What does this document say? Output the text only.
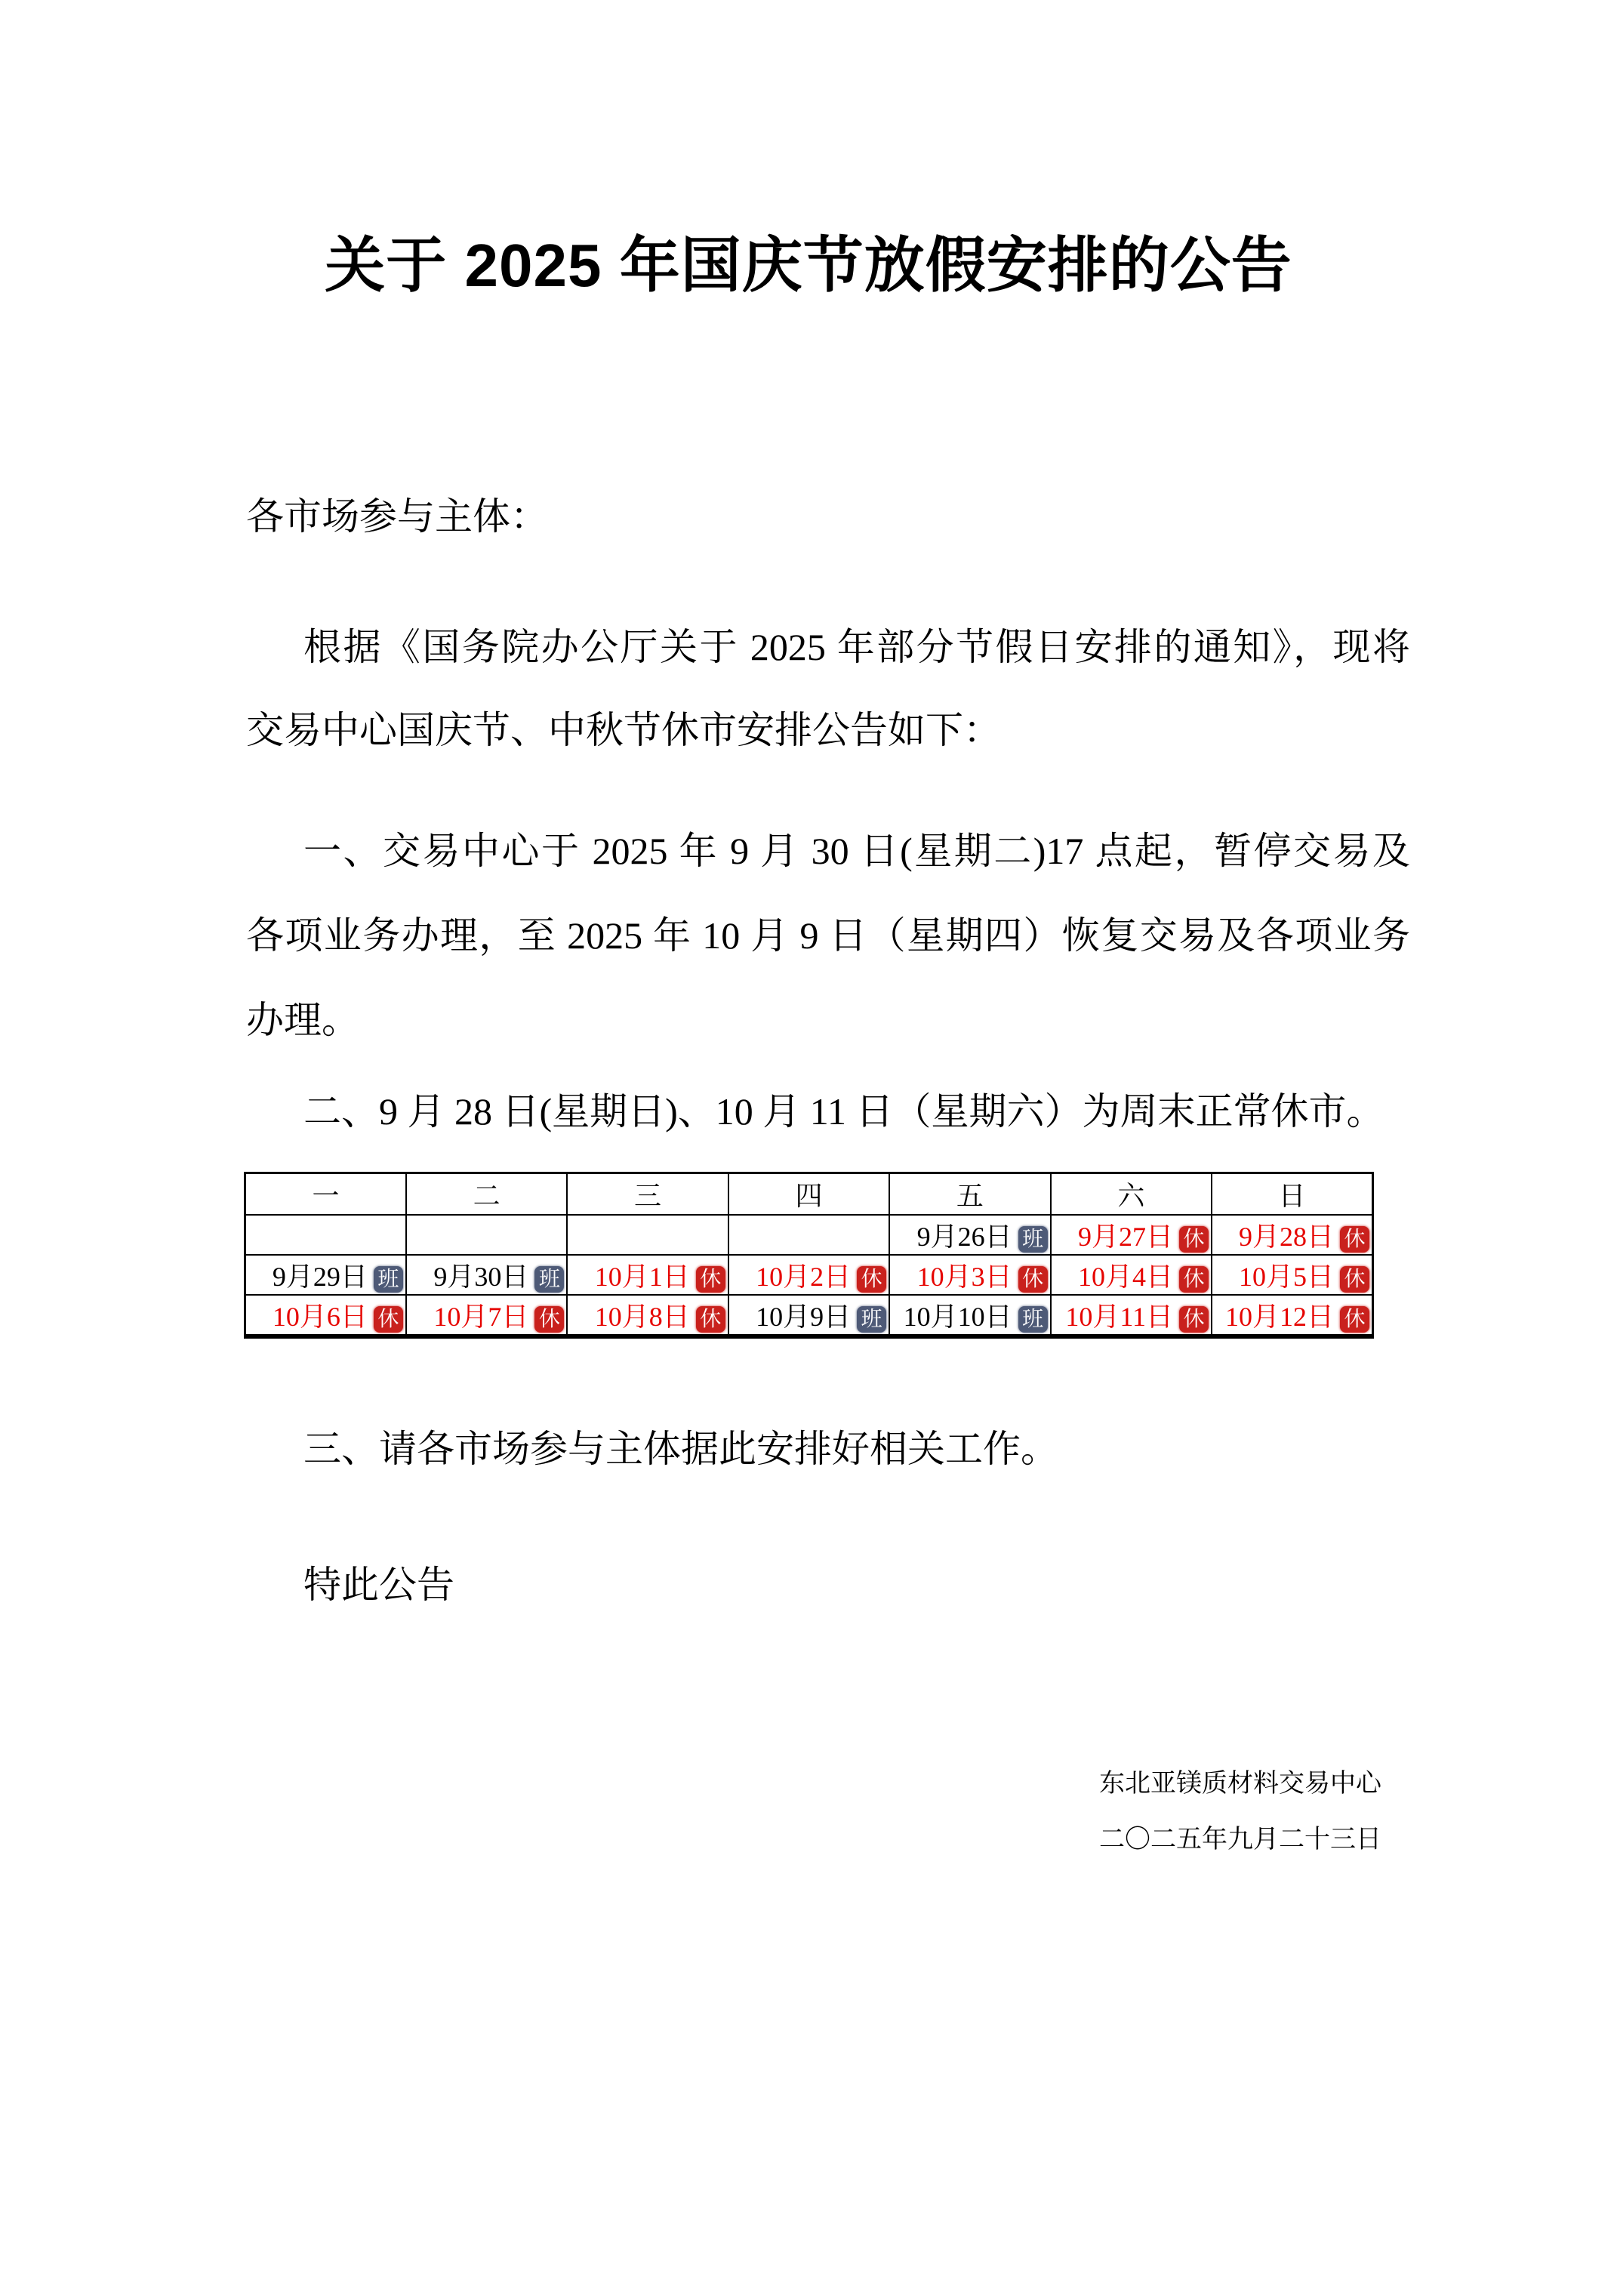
关于 2025 年国庆节放假安排的公告

各市场参与主体：

根据《国务院办公厅关于 2025 年部分节假日安排的通知》，现将

交易中心国庆节、中秋节休市安排公告如下：

一、交易中心于 2025 年 9 月 30 日(星期二)17 点起，暂停交易及

各项业务办理，至 2025 年 10 月 9 日（星期四）恢复交易及各项业务

办理。

二、9 月 28 日(星期日)、10 月 11 日（星期六）为周末正常休市。

一	二	三	四	五	六	日
				9月26日 班	9月27日 休	9月28日 休
9月29日 班	9月30日 班	10月1日 休	10月2日 休	10月3日 休	10月4日 休	10月5日 休
10月6日 休	10月7日 休	10月8日 休	10月9日 班	10月10日 班	10月11日 休	10月12日 休

三、请各市场参与主体据此安排好相关工作。

特此公告

东北亚镁质材料交易中心

二〇二五年九月二十三日
